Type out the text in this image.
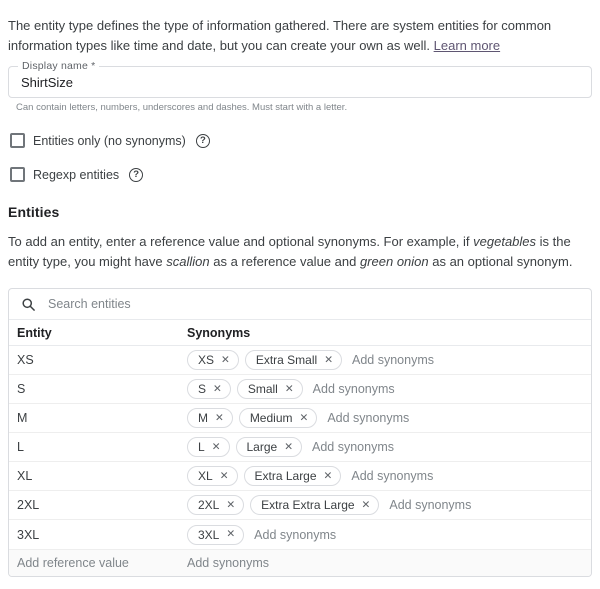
The entity type defines the type of information gathered. There are system entities for common information types like time and date, but you can create your own as well. Learn more

Display name *
ShirtSize
Can contain letters, numbers, underscores and dashes. Must start with a letter.
Entities only (no synonyms)	?
Regexp entities	?
Entities

To add an entity, enter a reference value and optional synonyms. For example, if vegetables is the entity type, you might have scallion as a reference value and green onion as an optional synonym.

Search entities
Entity	Synonyms
XS	XS ✕ Extra Small ✕ Add synonyms
S	S ✕ Small ✕ Add synonyms
M	M ✕ Medium ✕ Add synonyms
L	L ✕ Large ✕ Add synonyms
XL	XL ✕ Extra Large ✕ Add synonyms
2XL	2XL ✕ Extra Extra Large ✕ Add synonyms
3XL	3XL ✕ Add synonyms
Add reference value	Add synonyms
